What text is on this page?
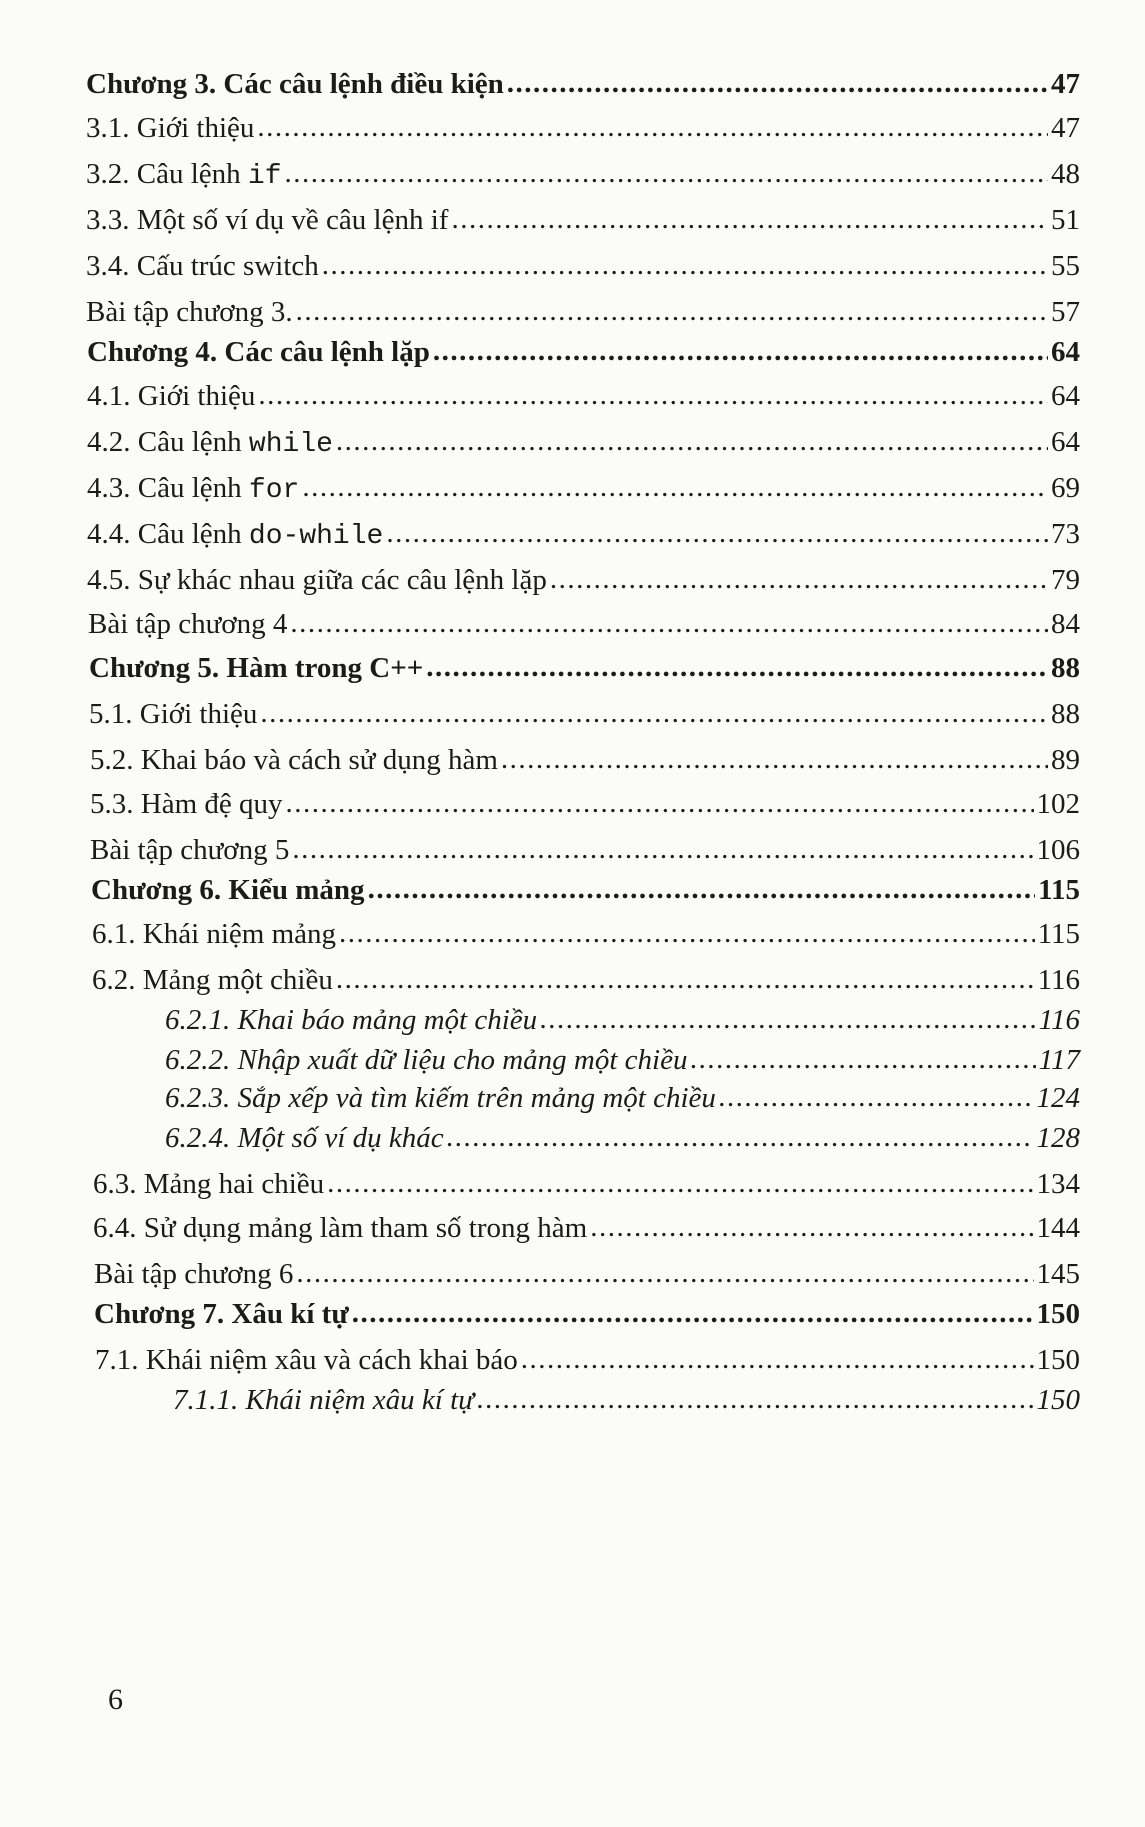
Chương 3. Các câu lệnh điều kiện .....	47
3.1. Giới thiệu .....	47
3.2. Câu lệnh if .....	48
3.3. Một số ví dụ về câu lệnh if .....	51
3.4. Cấu trúc switch .....	55
Bài tập chương 3. .....	57
Chương 4. Các câu lệnh lặp .....	64
4.1. Giới thiệu .....	64
4.2. Câu lệnh while .....	64
4.3. Câu lệnh for .....	69
4.4. Câu lệnh do-while .....	73
4.5. Sự khác nhau giữa các câu lệnh lặp .....	79
Bài tập chương 4 .....	84
Chương 5. Hàm trong C++ .....	88
5.1. Giới thiệu .....	88
5.2. Khai báo và cách sử dụng hàm .....	89
5.3. Hàm đệ quy .....	102
Bài tập chương 5 .....	106
Chương 6. Kiểu mảng .....	115
6.1. Khái niệm mảng .....	115
6.2. Mảng một chiều .....	116
6.2.1. Khai báo mảng một chiều .....	116
6.2.2. Nhập xuất dữ liệu cho mảng một chiều .....	117
6.2.3. Sắp xếp và tìm kiếm trên mảng một chiều .....	124
6.2.4. Một số ví dụ khác .....	128
6.3. Mảng hai chiều .....	134
6.4. Sử dụng mảng làm tham số trong hàm .....	144
Bài tập chương 6 .....	145
Chương 7. Xâu kí tự .....	150
7.1. Khái niệm xâu và cách khai báo .....	150
7.1.1. Khái niệm xâu kí tự .....	150
6
